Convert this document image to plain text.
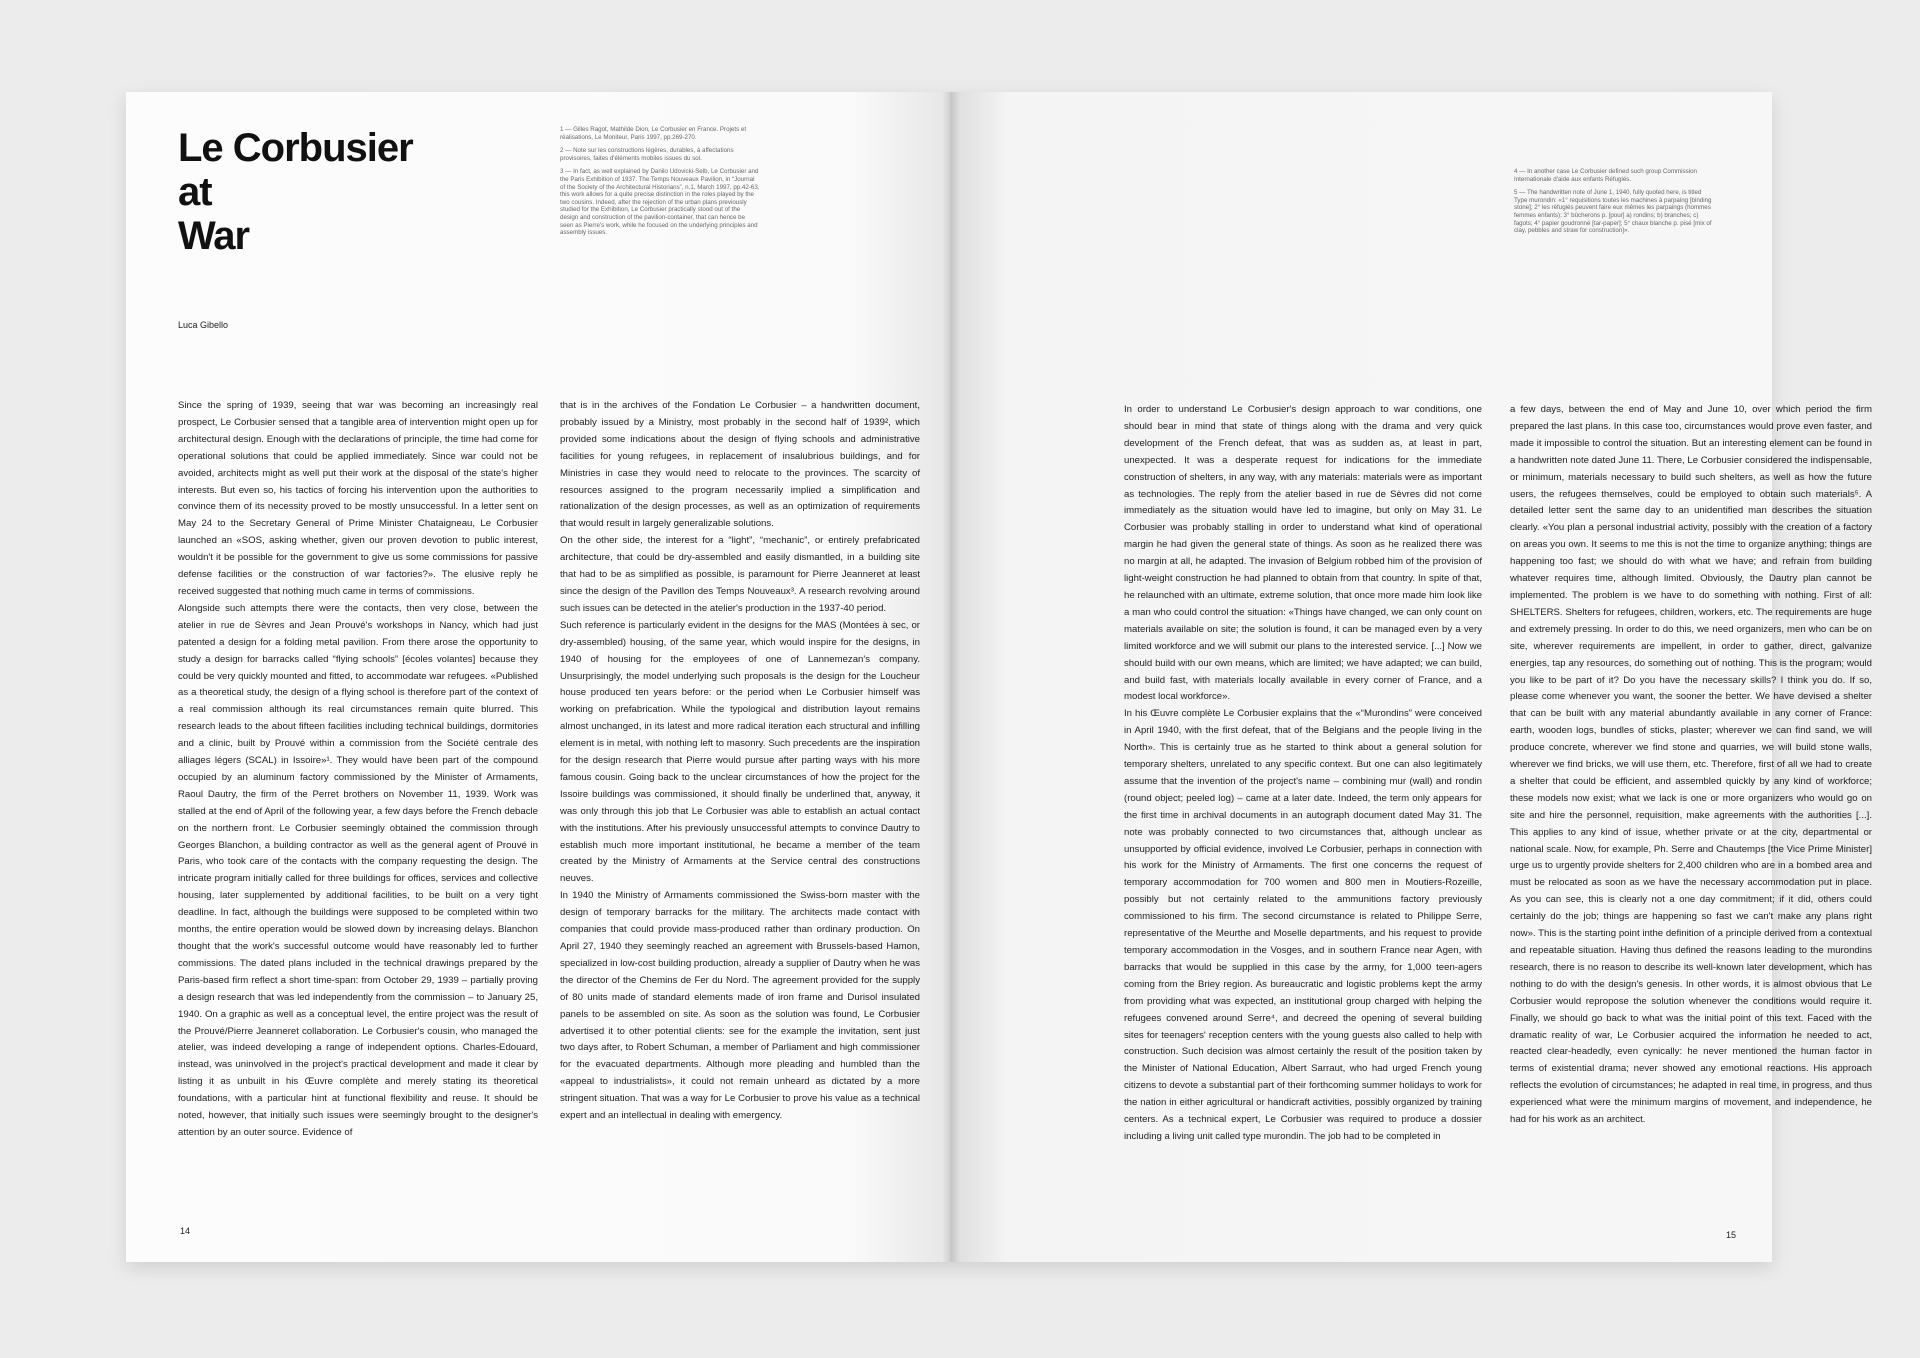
Le Corbusier
at
War

1 — Gilles Ragot, Mathilde Dion, Le Corbusier en France. Projets et réalisations, Le Moniteur, Paris 1997, pp.269-270.

2 — Note sur les constructions légères, durables, à affectations provisoires, faites d'éléments mobiles issues du sol.

3 — In fact, as well explained by Danilo Udovicki-Selb, Le Corbusier and the Paris Exhibition of 1937. The Temps Nouveaux Pavilion, in “Journal of the Society of the Architectural Historians”, n.1, March 1997, pp.42-63, this work allows for a quite precise distinction in the roles played by the two cousins. Indeed, after the rejection of the urban plans previously studied for the Exhibition, Le Corbusier practically stood out of the design and construction of the pavilion-container, that can hence be seen as Pierre's work, while he focused on the underlying principles and assembly issues.

Luca Gibello

Since the spring of 1939, seeing that war was becoming an increasingly real prospect, Le Corbusier sensed that a tangible area of intervention might open up for architectural design. Enough with the declarations of principle, the time had come for operational solutions that could be applied immediately. Since war could not be avoided, architects might as well put their work at the disposal of the state's higher interests. But even so, his tactics of forcing his intervention upon the authorities to convince them of its necessity proved to be mostly unsuccessful. In a letter sent on May 24 to the Secretary General of Prime Minister Chataigneau, Le Corbusier launched an «SOS, asking whether, given our proven devotion to public interest, wouldn't it be possible for the government to give us some commissions for passive defense facilities or the construction of war factories?». The elusive reply he received suggested that nothing much came in terms of commissions.

Alongside such attempts there were the contacts, then very close, between the atelier in rue de Sèvres and Jean Prouvé's workshops in Nancy, which had just patented a design for a folding metal pavilion. From there arose the opportunity to study a design for barracks called “flying schools” [écoles volantes] because they could be very quickly mounted and fitted, to accommodate war refugees. «Published as a theoretical study, the design of a flying school is therefore part of the context of a real commission although its real circumstances remain quite blurred. This research leads to the about fifteen facilities including technical buildings, dormitories and a clinic, built by Prouvé within a commission from the Société centrale des alliages légers (SCAL) in Issoire»¹. They would have been part of the compound occupied by an aluminum factory commissioned by the Minister of Armaments, Raoul Dautry, the firm of the Perret brothers on November 11, 1939. Work was stalled at the end of April of the following year, a few days before the French debacle on the northern front. Le Corbusier seemingly obtained the commission through Georges Blanchon, a building contractor as well as the general agent of Prouvé in Paris, who took care of the contacts with the company requesting the design. The intricate program initially called for three buildings for offices, services and collective housing, later supplemented by additional facilities, to be built on a very tight deadline. In fact, although the buildings were supposed to be completed within two months, the entire operation would be slowed down by increasing delays. Blanchon thought that the work's successful outcome would have reasonably led to further commissions. The dated plans included in the technical drawings prepared by the Paris-based firm reflect a short time-span: from October 29, 1939 – partially proving a design research that was led independently from the commission – to January 25, 1940. On a graphic as well as a conceptual level, the entire project was the result of the Prouvé/Pierre Jeanneret collaboration. Le Corbusier's cousin, who managed the atelier, was indeed developing a range of independent options. Charles-Edouard, instead, was uninvolved in the project's practical development and made it clear by listing it as unbuilt in his Œuvre complète and merely stating its theoretical foundations, with a particular hint at functional flexibility and reuse. It should be noted, however, that initially such issues were seemingly brought to the designer's attention by an outer source. Evidence of

that is in the archives of the Fondation Le Corbusier – a handwritten document, probably issued by a Ministry, most probably in the second half of 1939², which provided some indications about the design of flying schools and administrative facilities for young refugees, in replacement of insalubrious buildings, and for Ministries in case they would need to relocate to the provinces. The scarcity of resources assigned to the program necessarily implied a simplification and rationalization of the design processes, as well as an optimization of requirements that would result in largely generalizable solutions.

On the other side, the interest for a “light”, “mechanic”, or entirely prefabricated architecture, that could be dry-assembled and easily dismantled, in a building site that had to be as simplified as possible, is paramount for Pierre Jeanneret at least since the design of the Pavillon des Temps Nouveaux³. A research revolving around such issues can be detected in the atelier's production in the 1937-40 period.

Such reference is particularly evident in the designs for the MAS (Montées à sec, or dry-assembled) housing, of the same year, which would inspire for the designs, in 1940 of housing for the employees of one of Lannemezan's company. Unsurprisingly, the model underlying such proposals is the design for the Loucheur house produced ten years before: or the period when Le Corbusier himself was working on prefabrication. While the typological and distribution layout remains almost unchanged, in its latest and more radical iteration each structural and infilling element is in metal, with nothing left to masonry. Such precedents are the inspiration for the design research that Pierre would pursue after parting ways with his more famous cousin. Going back to the unclear circumstances of how the project for the Issoire buildings was commissioned, it should finally be underlined that, anyway, it was only through this job that Le Corbusier was able to establish an actual contact with the institutions. After his previously unsuccessful attempts to convince Dautry to establish much more important institutional, he became a member of the team created by the Ministry of Armaments at the Service central des constructions neuves.

In 1940 the Ministry of Armaments commissioned the Swiss-born master with the design of temporary barracks for the military. The architects made contact with companies that could provide mass-produced rather than ordinary production. On April 27, 1940 they seemingly reached an agreement with Brussels-based Hamon, specialized in low-cost building production, already a supplier of Dautry when he was the director of the Chemins de Fer du Nord. The agreement provided for the supply of 80 units made of standard elements made of iron frame and Durisol insulated panels to be assembled on site. As soon as the solution was found, Le Corbusier advertised it to other potential clients: see for the example the invitation, sent just two days after, to Robert Schuman, a member of Parliament and high commissioner for the evacuated departments. Although more pleading and humbled than the «appeal to industrialists», it could not remain unheard as dictated by a more stringent situation. That was a way for Le Corbusier to prove his value as a technical expert and an intellectual in dealing with emergency.

14

4 — In another case Le Corbusier defined such group Commission Internationale d'aide aux enfants Réfugiés.

5 — The handwritten note of June 1, 1940, fully quoted here, is titled Type murondin: «1° requisitions toutes les machines à parpaing [binding stone]; 2° les réfugiés peuvent faire eux mêmes les parpaings (hommes femmes enfants); 3° bûcherons p. [pour] a) rondins; b) branches; c) fagots; 4° papier goudronné [tar-paper]; 5° chaux blanche p. pisé [mix of clay, pebbles and straw for construction]».

In order to understand Le Corbusier's design approach to war conditions, one should bear in mind that state of things along with the drama and very quick development of the French defeat, that was as sudden as, at least in part, unexpected. It was a desperate request for indications for the immediate construction of shelters, in any way, with any materials: materials were as important as technologies. The reply from the atelier based in rue de Sèvres did not come immediately as the situation would have led to imagine, but only on May 31. Le Corbusier was probably stalling in order to understand what kind of operational margin he had given the general state of things. As soon as he realized there was no margin at all, he adapted. The invasion of Belgium robbed him of the provision of light-weight construction he had planned to obtain from that country. In spite of that, he relaunched with an ultimate, extreme solution, that once more made him look like a man who could control the situation: «Things have changed, we can only count on materials available on site; the solution is found, it can be managed even by a very limited workforce and we will submit our plans to the interested service. [...] Now we should build with our own means, which are limited; we have adapted; we can build, and build fast, with materials locally available in every corner of France, and a modest local workforce».

In his Œuvre complète Le Corbusier explains that the «“Murondins” were conceived in April 1940, with the first defeat, that of the Belgians and the people living in the North». This is certainly true as he started to think about a general solution for temporary shelters, unrelated to any specific context. But one can also legitimately assume that the invention of the project's name – combining mur (wall) and rondin (round object; peeled log) – came at a later date. Indeed, the term only appears for the first time in archival documents in an autograph document dated May 31. The note was probably connected to two circumstances that, although unclear as unsupported by official evidence, involved Le Corbusier, perhaps in connection with his work for the Ministry of Armaments. The first one concerns the request of temporary accommodation for 700 women and 800 men in Moutiers-Rozeille, possibly but not certainly related to the ammunitions factory previously commissioned to his firm. The second circumstance is related to Philippe Serre, representative of the Meurthe and Moselle departments, and his request to provide temporary accommodation in the Vosges, and in southern France near Agen, with barracks that would be supplied in this case by the army, for 1,000 teen-agers coming from the Briey region. As bureaucratic and logistic problems kept the army from providing what was expected, an institutional group charged with helping the refugees convened around Serre⁴, and decreed the opening of several building sites for teenagers' reception centers with the young guests also called to help with construction. Such decision was almost certainly the result of the position taken by the Minister of National Education, Albert Sarraut, who had urged French young citizens to devote a substantial part of their forthcoming summer holidays to work for the nation in either agricultural or handicraft activities, possibly organized by training centers. As a technical expert, Le Corbusier was required to produce a dossier including a living unit called type murondin. The job had to be completed in

a few days, between the end of May and June 10, over which period the firm prepared the last plans. In this case too, circumstances would prove even faster, and made it impossible to control the situation. But an interesting element can be found in a handwritten note dated June 11. There, Le Corbusier considered the indispensable, or minimum, materials necessary to build such shelters, as well as how the future users, the refugees themselves, could be employed to obtain such materials⁵. A detailed letter sent the same day to an unidentified man describes the situation clearly. «You plan a personal industrial activity, possibly with the creation of a factory on areas you own. It seems to me this is not the time to organize anything; things are happening too fast; we should do with what we have; and refrain from building whatever requires time, although limited. Obviously, the Dautry plan cannot be implemented. The problem is we have to do something with nothing. First of all: SHELTERS. Shelters for refugees, children, workers, etc. The requirements are huge and extremely pressing. In order to do this, we need organizers, men who can be on site, wherever requirements are impellent, in order to gather, direct, galvanize energies, tap any resources, do something out of nothing. This is the program; would you like to be part of it? Do you have the necessary skills? I think you do. If so, please come whenever you want, the sooner the better. We have devised a shelter that can be built with any material abundantly available in any corner of France: earth, wooden logs, bundles of sticks, plaster; wherever we can find sand, we will produce concrete, wherever we find stone and quarries, we will build stone walls, wherever we find bricks, we will use them, etc. Therefore, first of all we had to create a shelter that could be efficient, and assembled quickly by any kind of workforce; these models now exist; what we lack is one or more organizers who would go on site and hire the personnel, requisition, make agreements with the authorities [...]. This applies to any kind of issue, whether private or at the city, departmental or national scale. Now, for example, Ph. Serre and Chautemps [the Vice Prime Minister] urge us to urgently provide shelters for 2,400 children who are in a bombed area and must be relocated as soon as we have the necessary accommodation put in place. As you can see, this is clearly not a one day commitment; if it did, others could certainly do the job; things are happening so fast we can't make any plans right now». This is the starting point inthe definition of a principle derived from a contextual and repeatable situation. Having thus defined the reasons leading to the murondins research, there is no reason to describe its well-known later development, which has nothing to do with the design's genesis. In other words, it is almost obvious that Le Corbusier would repropose the solution whenever the conditions would require it. Finally, we should go back to what was the initial point of this text. Faced with the dramatic reality of war, Le Corbusier acquired the information he needed to act, reacted clear-headedly, even cynically: he never mentioned the human factor in terms of existential drama; never showed any emotional reactions. His approach reflects the evolution of circumstances; he adapted in real time, in progress, and thus experienced what were the minimum margins of movement, and independence, he had for his work as an architect.

15
